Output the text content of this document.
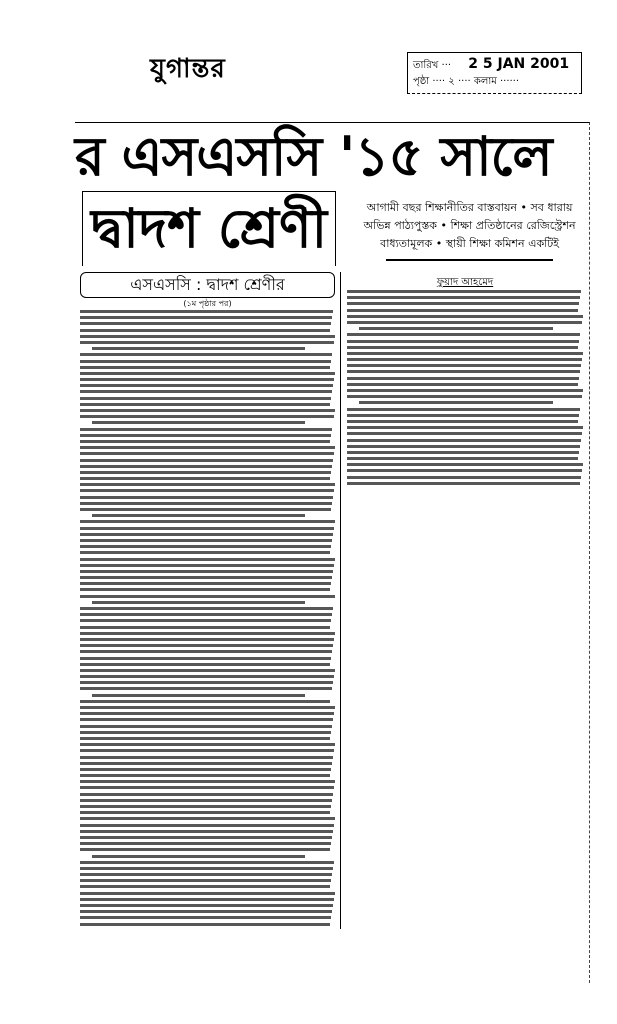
যুগান্তর	তারিখ ··· 2 5 JAN 2001
পৃষ্ঠা ···· ২ ···· কলাম ······
র এসএসসি '১৫ সালে
দ্বাদশ শ্রেণী	আগামী বছর শিক্ষানীতির বাস্তবায়ন • সব ধারায়
অভিন্ন পাঠ্যপুস্তক • শিক্ষা প্রতিষ্ঠানের রেজিস্ট্রেশন
বাধ্যতামূলক • স্থায়ী শিক্ষা কমিশন একটিই
এসএসসি : দ্বাদশ শ্রেণীর
(১ম পৃষ্ঠার পর)
ফুয়াদ আহমেদ
